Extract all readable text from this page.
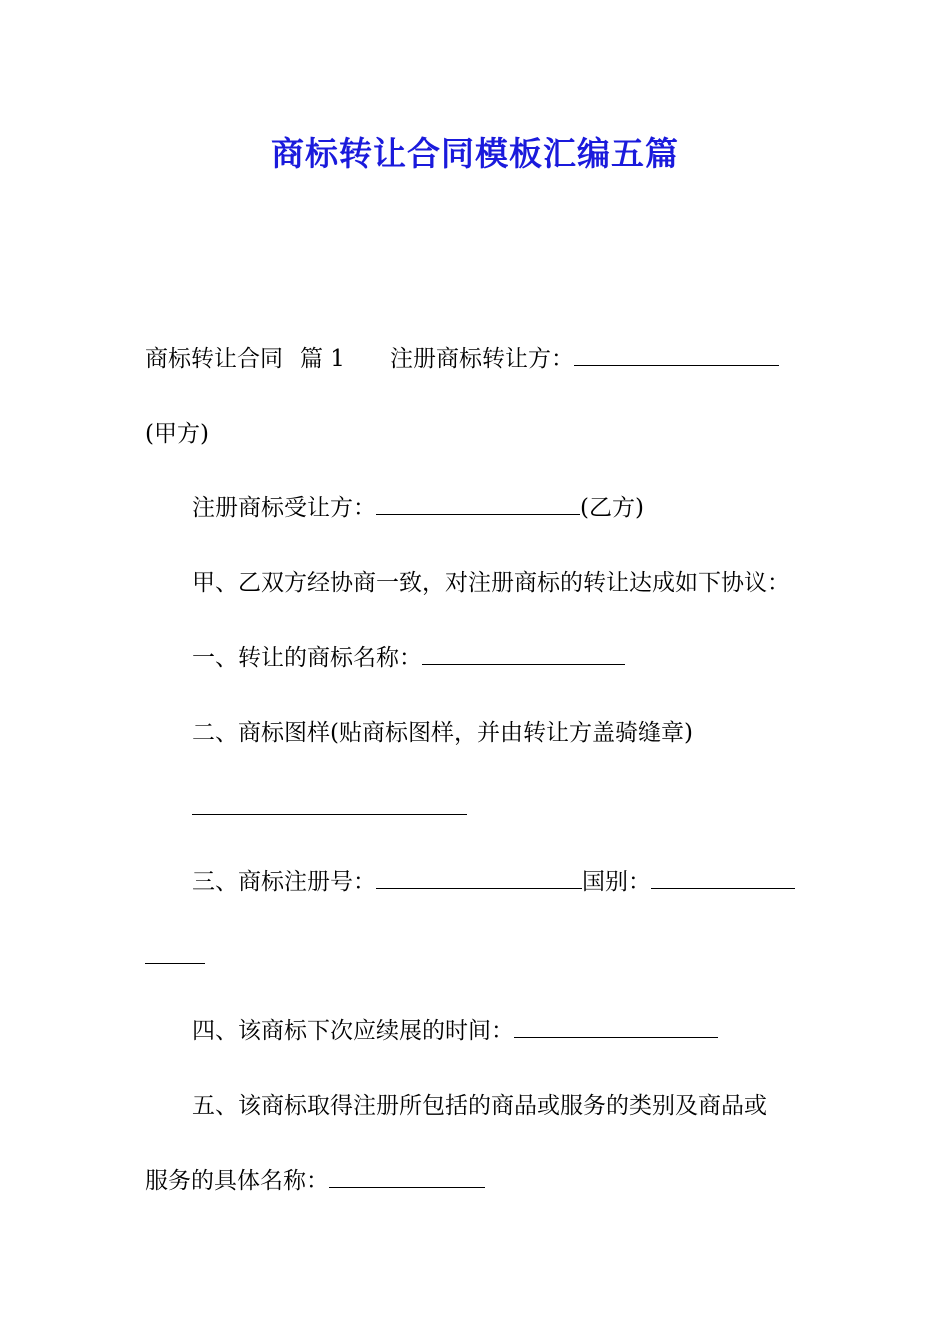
商标转让合同模板汇编五篇
商标转让合同 篇 1 注册商标转让方：
(甲方)
注册商标受让方：	(乙方)
甲、乙双方经协商一致，对注册商标的转让达成如下协议：
一、转让的商标名称：
二、商标图样(贴商标图样，并由转让方盖骑缝章)
三、商标注册号：	国别：
四、该商标下次应续展的时间：
五、该商标取得注册所包括的商品或服务的类别及商品或
服务的具体名称：
